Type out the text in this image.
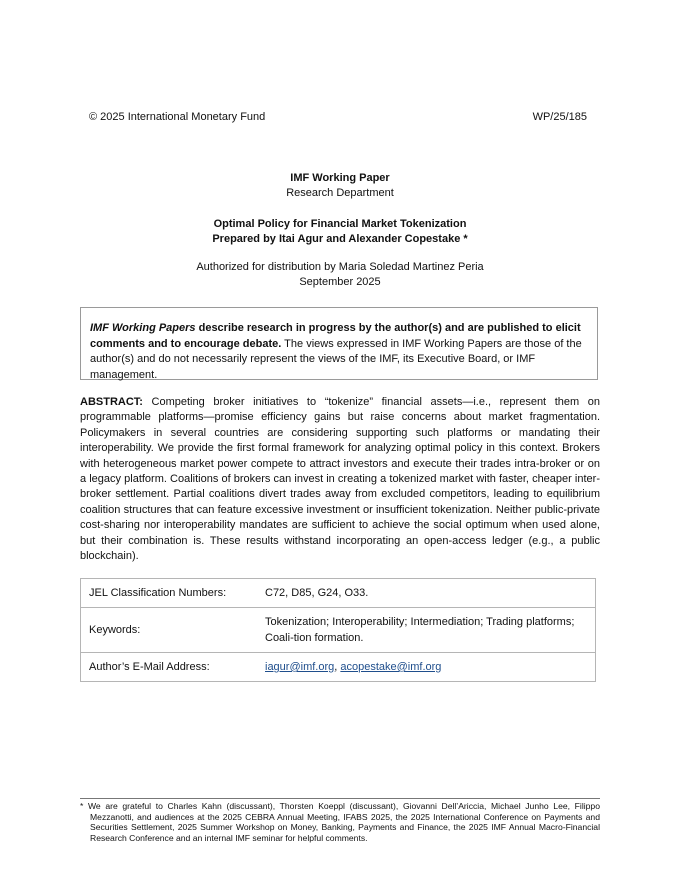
© 2025 International Monetary Fund	WP/25/185
IMF Working Paper
Research Department
Optimal Policy for Financial Market Tokenization
Prepared by Itai Agur and Alexander Copestake *
Authorized for distribution by Maria Soledad Martinez Peria
September 2025
IMF Working Papers describe research in progress by the author(s) and are published to elicit comments and to encourage debate. The views expressed in IMF Working Papers are those of the author(s) and do not necessarily represent the views of the IMF, its Executive Board, or IMF management.
ABSTRACT: Competing broker initiatives to “tokenize” financial assets—i.e., represent them on programmable platforms—promise efficiency gains but raise concerns about market fragmentation. Policymakers in several countries are considering supporting such platforms or mandating their interoperability. We provide the first formal framework for analyzing optimal policy in this context. Brokers with heterogeneous market power compete to attract investors and execute their trades intra-broker or on a legacy platform. Coalitions of brokers can invest in creating a tokenized market with faster, cheaper inter-broker settlement. Partial coalitions divert trades away from excluded competitors, leading to equilibrium coalition structures that can feature excessive investment or insufficient tokenization. Neither public-private cost-sharing nor interoperability mandates are sufficient to achieve the social optimum when used alone, but their combination is. These results withstand incorporating an open-access ledger (e.g., a public blockchain).
JEL Classification Numbers:	C72, D85, G24, O33.
Keywords:	Tokenization; Interoperability; Intermediation; Trading platforms; Coali-tion formation.
Author’s E-Mail Address:	iagur@imf.org, acopestake@imf.org
* We are grateful to Charles Kahn (discussant), Thorsten Koeppl (discussant), Giovanni Dell’Ariccia, Michael Junho Lee, Filippo Mezzanotti, and audiences at the 2025 CEBRA Annual Meeting, IFABS 2025, the 2025 International Conference on Payments and Securities Settlement, 2025 Summer Workshop on Money, Banking, Payments and Finance, the 2025 IMF Annual Macro-Financial Research Conference and an internal IMF seminar for helpful comments.
